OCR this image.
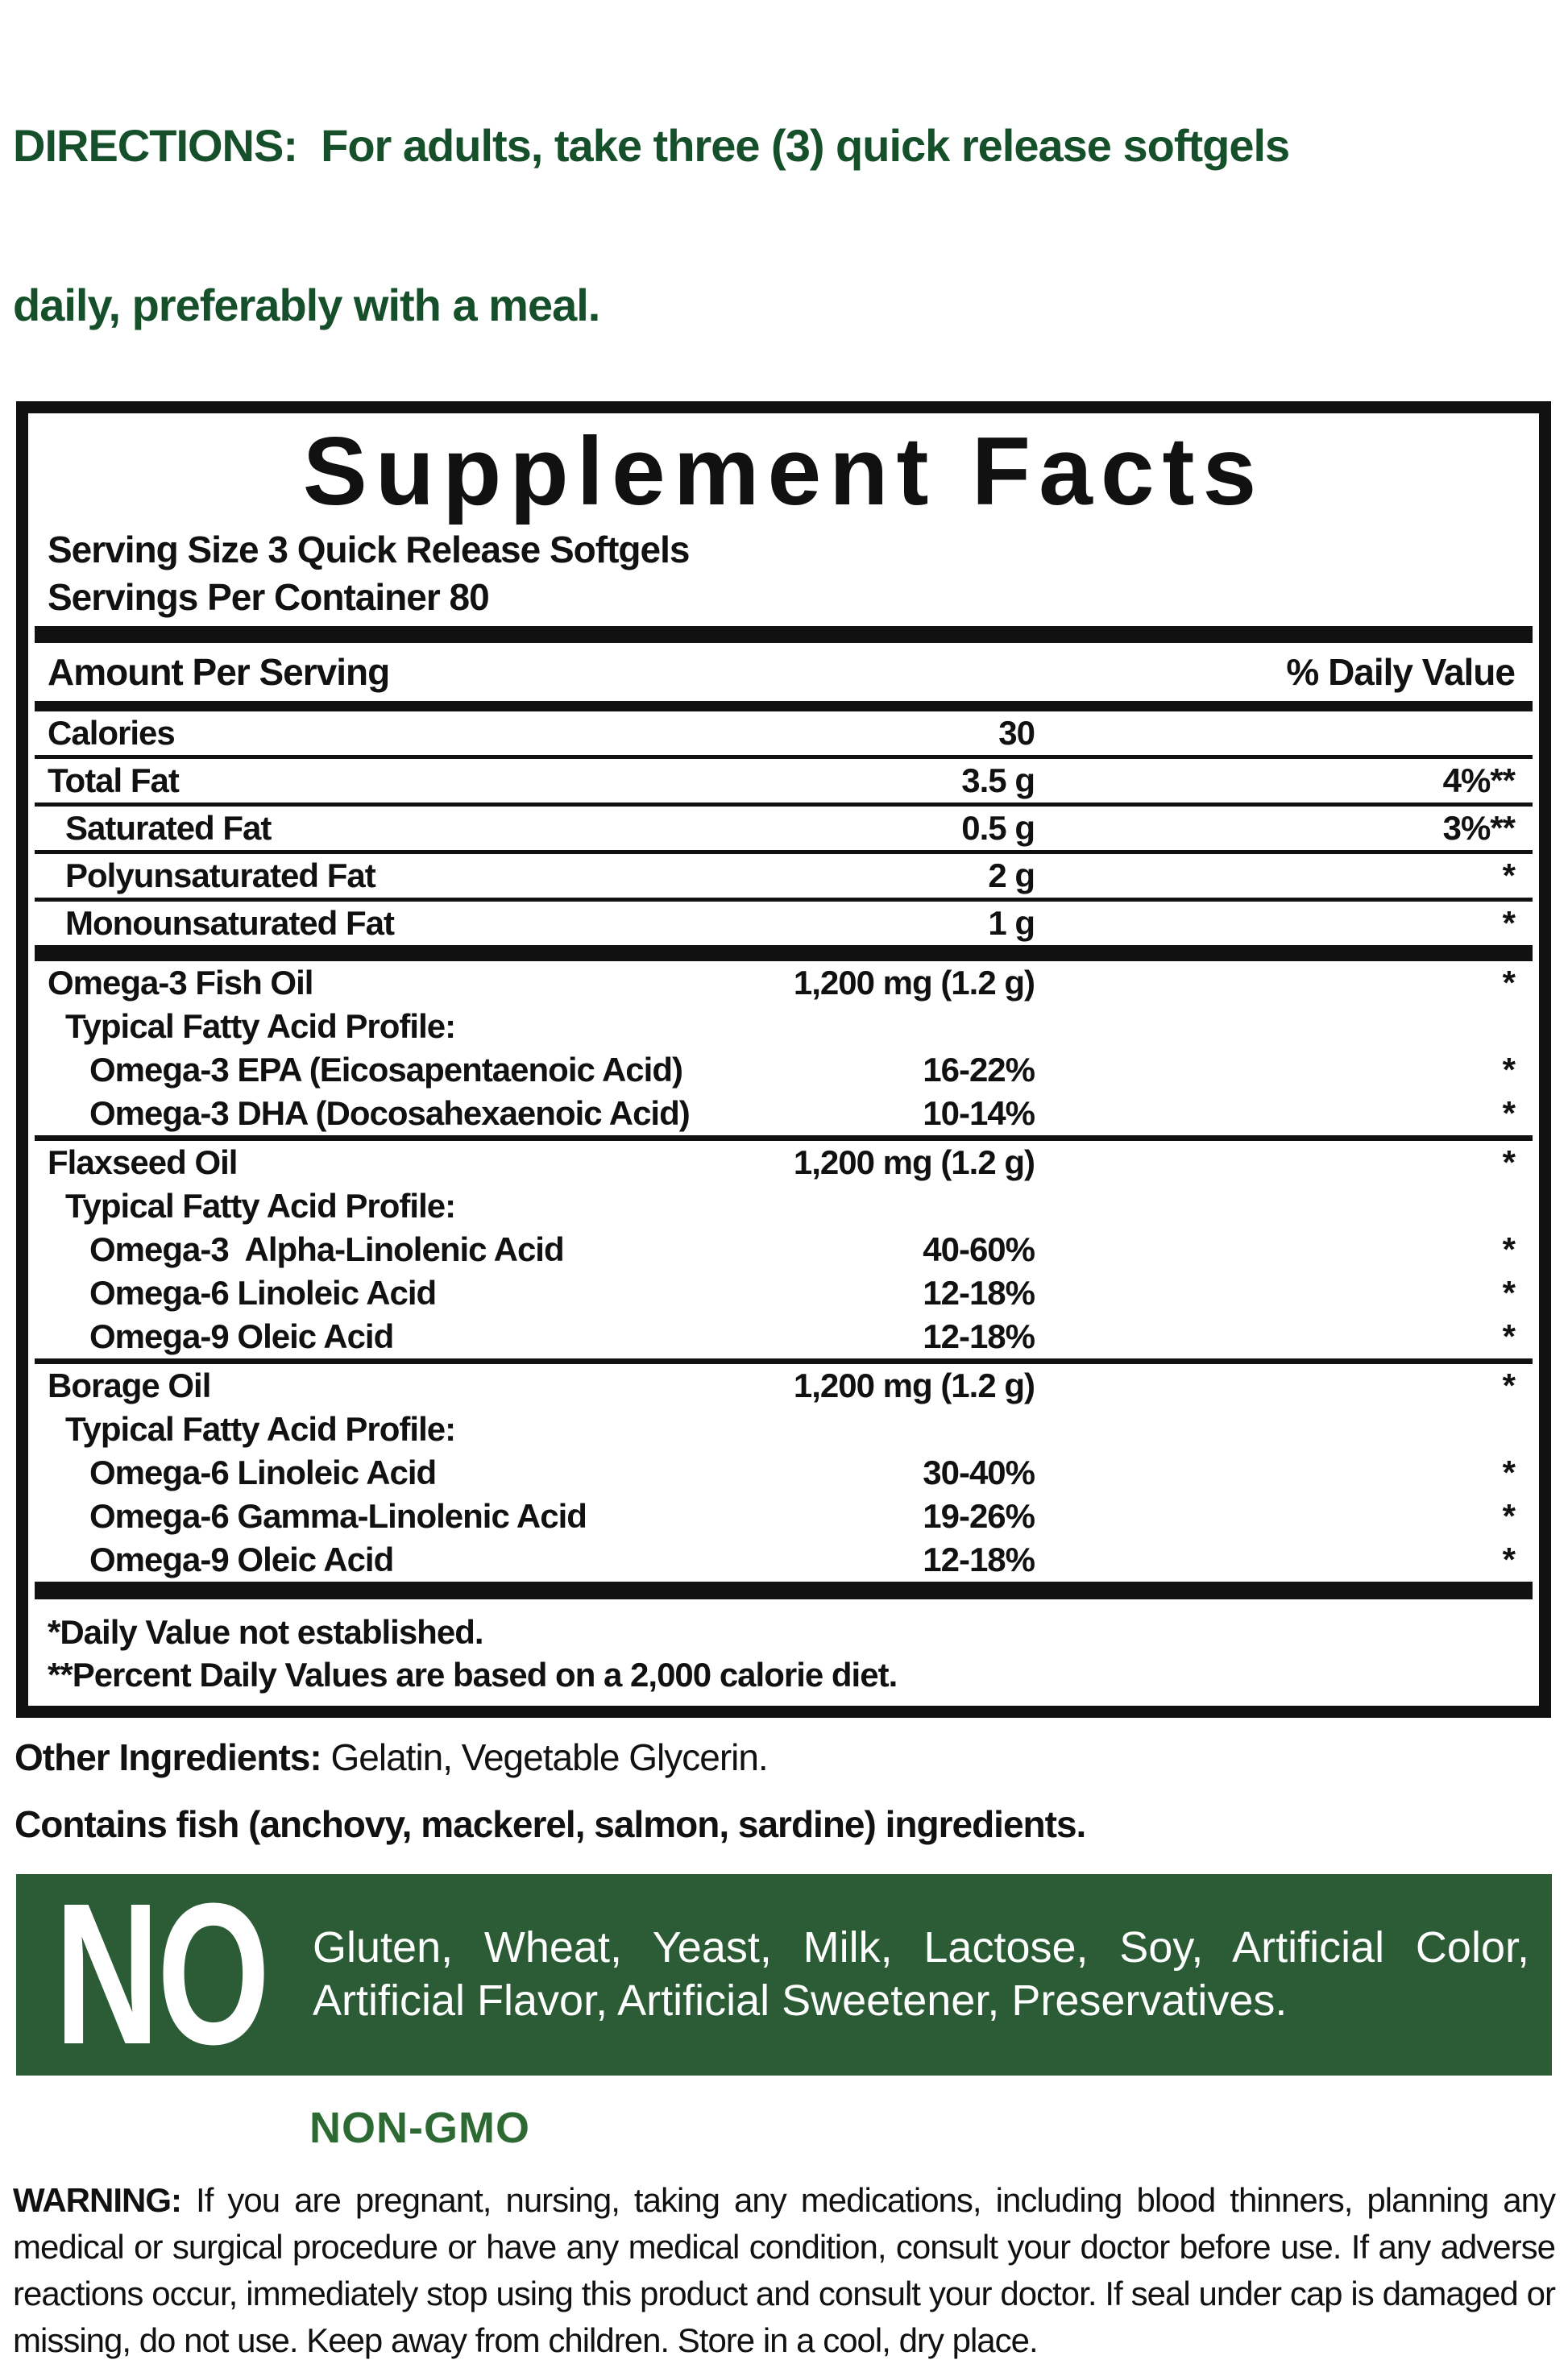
DIRECTIONS:  For adults, take three (3) quick release softgels

daily, preferably with a meal.

Supplement Facts
Serving Size 3 Quick Release Softgels
Servings Per Container 80
Amount Per Serving	% Daily Value
Calories	30
Total Fat	3.5 g	4%**
Saturated Fat	0.5 g	3%**
Polyunsaturated Fat	2 g	*
Monounsaturated Fat	1 g	*
Omega-3 Fish Oil	1,200 mg (1.2 g)	*
Typical Fatty Acid Profile:
Omega-3 EPA (Eicosapentaenoic Acid)	16-22%	*
Omega-3 DHA (Docosahexaenoic Acid)	10-14%	*
Flaxseed Oil	1,200 mg (1.2 g)	*
Typical Fatty Acid Profile:
Omega-3  Alpha-Linolenic Acid	40-60%	*
Omega-6 Linoleic Acid	12-18%	*
Omega-9 Oleic Acid	12-18%	*
Borage Oil	1,200 mg (1.2 g)	*
Typical Fatty Acid Profile:
Omega-6 Linoleic Acid	30-40%	*
Omega-6 Gamma-Linolenic Acid	19-26%	*
Omega-9 Oleic Acid	12-18%	*
*Daily Value not established.
**Percent Daily Values are based on a 2,000 calorie diet.
Other Ingredients: Gelatin, Vegetable Glycerin.
Contains fish (anchovy, mackerel, salmon, sardine) ingredients.
NO Gluten, Wheat, Yeast, Milk, Lactose, Soy, Artificial Color, Artificial Flavor, Artificial Sweetener, Preservatives.
NON-GMO
WARNING: If you are pregnant, nursing, taking any medications, including blood thinners, planning any medical or surgical procedure or have any medical condition, consult your doctor before use. If any adverse reactions occur, immediately stop using this product and consult your doctor. If seal under cap is damaged or missing, do not use. Keep away from children. Store in a cool, dry place.
